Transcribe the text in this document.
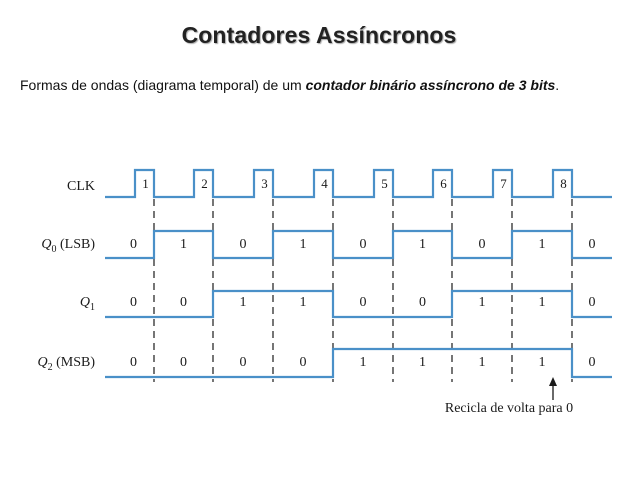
Contadores Assíncronos

Formas de ondas (diagrama temporal) de um contador binário assíncrono de 3 bits.

CLK
$Q_0$ (LSB)
$Q_1$
$Q_2$ (MSB)
1	2	3	4	5	6	7	8
0	1	0	1	0	1	0	1	0
0	0	1	1	0	0	1	1	0
0	0	0	0	1	1	1	1	0
Recicla de volta para 0
